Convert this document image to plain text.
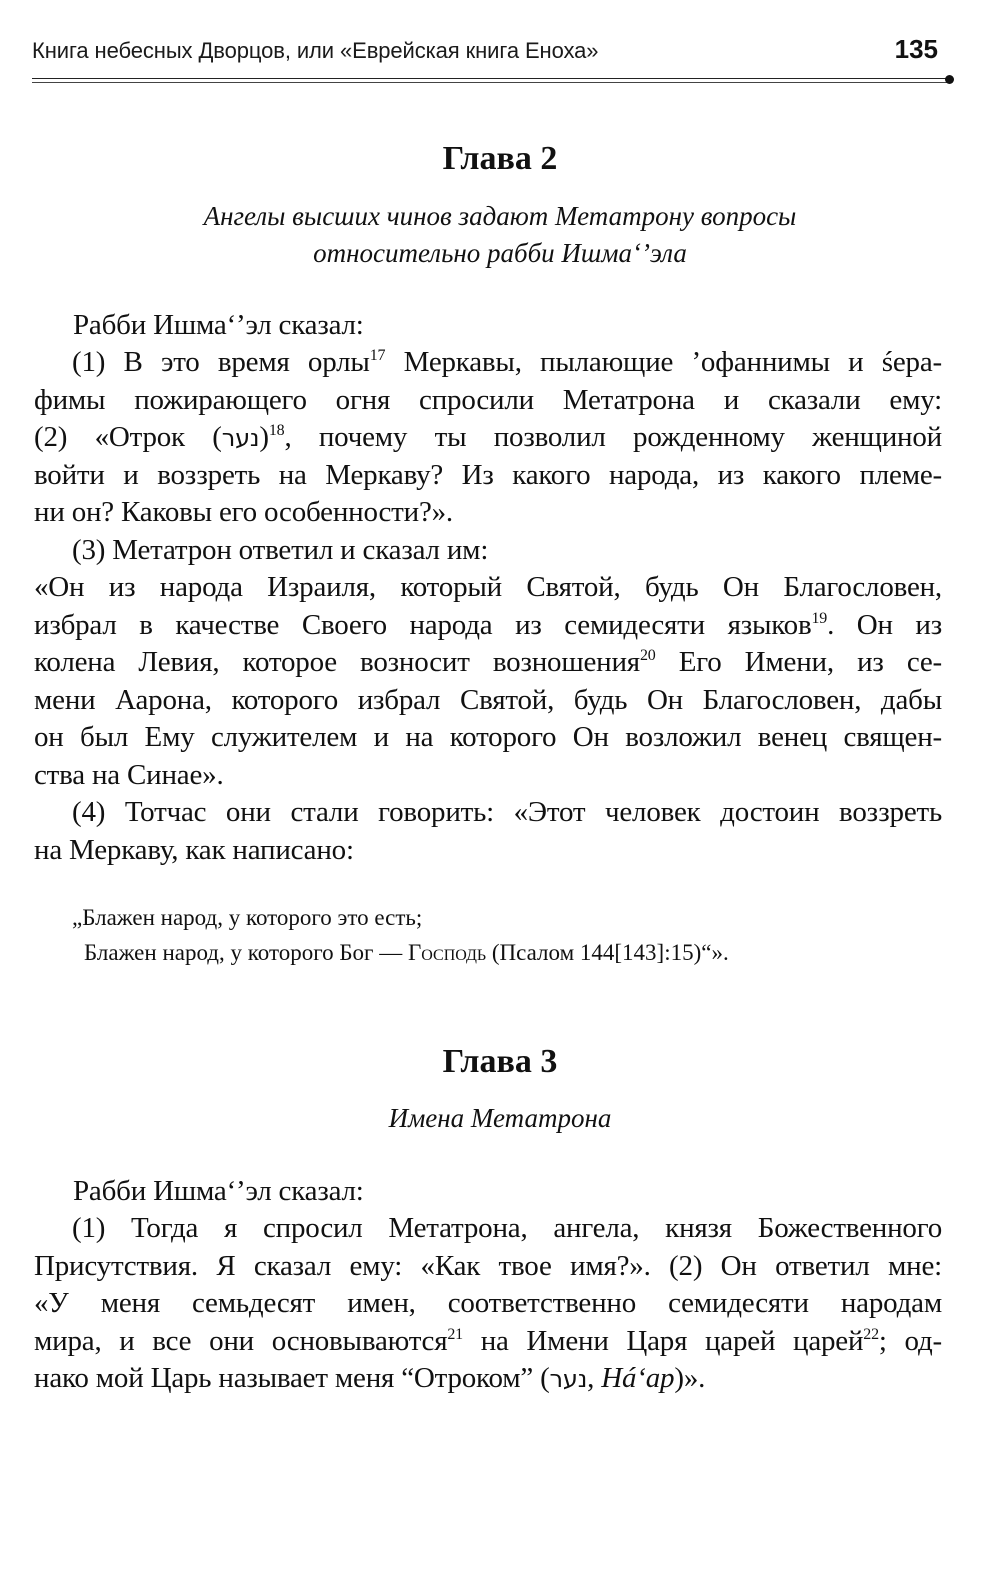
Книга небесных Дворцов, или «Еврейская книга Еноха»	135
Глава 2
Ангелы высших чинов задают Метатрону вопросы
относительно рабби Ишма‘’эла
Рабби Ишма‘’эл сказал:
(1) В это время орлы$^{17}$ Меркавы, пылающие ’офаннимы и śера-
фимы пожирающего огня спросили Метатрона и сказали ему:
(2) «Отрок (נער)$^{18}$, почему ты позволил рожденному женщиной
войти и воззреть на Меркаву? Из какого народа, из какого племе-
ни он? Каковы его особенности?».
(3) Метатрон ответил и сказал им:
«Он из народа Израиля, который Святой, будь Он Благословен,
избрал в качестве Своего народа из семидесяти языков$^{19}$. Он из
колена Левия, которое возносит возношения$^{20}$ Его Имени, из се-
мени Аарона, которого избрал Святой, будь Он Благословен, дабы
он был Ему служителем и на которого Он возложил венец священ-
ства на Синае».
(4) Тотчас они стали говорить: «Этот человек достоин воззреть
на Меркаву, как написано:
„Блажен народ, у которого это есть;
Блажен народ, у которого Бог — Господь (Псалом 144[143]:15)“».
Глава 3
Имена Метатрона
Рабби Ишма‘’эл сказал:
(1) Тогда я спросил Метатрона, ангела, князя Божественного
Присутствия. Я сказал ему: «Как твое имя?». (2) Он ответил мне:
«У меня семьдесят имен, соответственно семидесяти народам
мира, и все они основываются$^{21}$ на Имени Царя царей царей$^{22}$; од-
нако мой Царь называет меня “Отроком” (נער, Há‘ap)».
